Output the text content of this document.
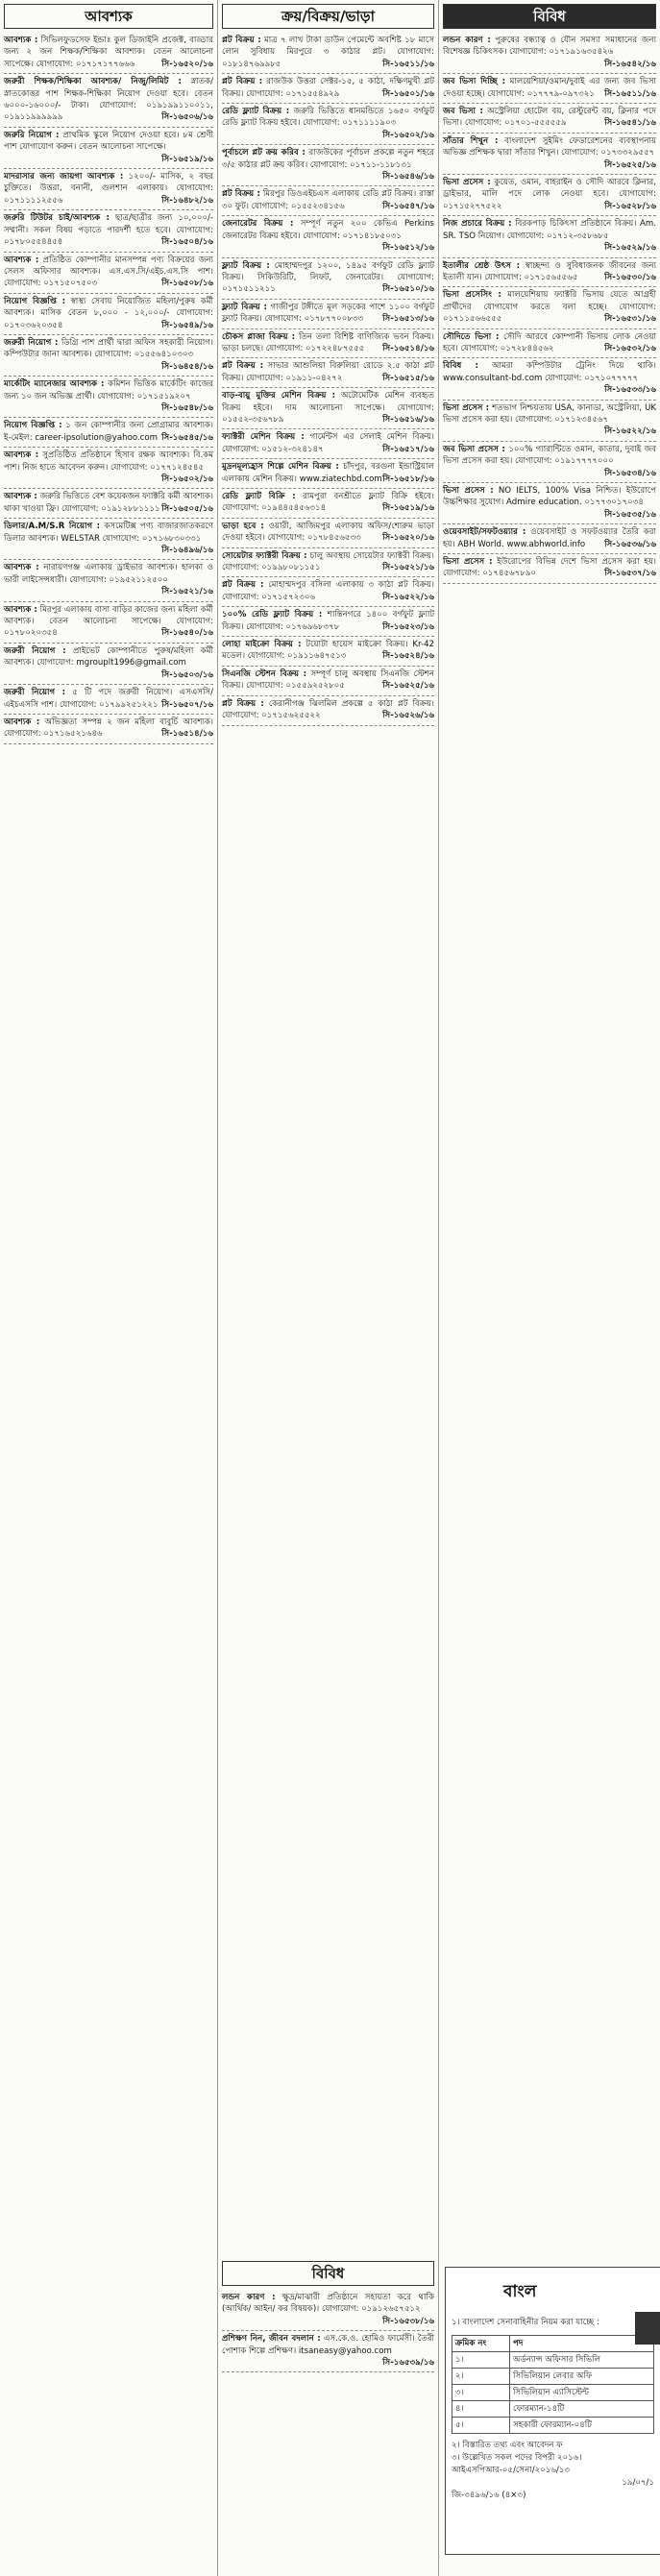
আবশ্যক
আবশ্যক : সিভিলফুডসেফ ইন্ডাঃ কুল ডিজাইনি প্রজেক্ট, বাড্ডার জন্য ২ জন শিক্ষক/শিক্ষিকা আবশ্যক। বেতন আলোচনা সাপেক্ষে। যোগাযোগ: ০১৭১৭১৭৭৬৬৬	সি-১৬৫২০/১৬
জরুরী শিক্ষক/শিক্ষিকা আবশ্যক/ নিজু/লিমিট : স্নাতক/ স্নাতকোত্তর পাশ শিক্ষক-শিক্ষিকা নিয়োগ দেওয়া হবে। বেতন ৬০০০-১৬০০০/- টাকা। যোগাযোগ: ০১৯১৯৯১১০০১১, ০১৯১১৯৯৯৯৯৯	সি-১৬৫০৬/১৬
জরুরি নিয়োগ : প্রাথমিক স্কুলে নিয়োগ দেওয়া হবে। ৮ম শ্রেণী পাশ যোগাযোগ করুন। বেতন আলোচনা সাপেক্ষে।
সি-১৬৫১৯/১৬
মাদরাসার জন্য জায়গা আবশ্যক : ১২০০/- মাসিক, ২ বছর চুক্তিতে। উত্তরা, বনানী, গুলশান এলাকায়। যোগাযোগ: ০১৭১১১১২৫৫৬	সি-১৬৪৮২/১৬
জরুরি টিউটর চাই/আবশ্যক : ছাত্র/ছাত্রীর জন্য ১০,০০০/- সম্মানী। সকল বিষয় পড়াতে পারদর্শী হতে হবে। যোগাযোগ: ০১৭৮০৫৫৪৪৫৪	সি-১৬৫০৪/১৬
আবশ্যক : প্রতিষ্ঠিত কোম্পানীর মানসম্পন্ন পণ্য বিক্রয়ের জন্য সেলস অফিসার আবশ্যক। এস.এস.সি/এইচ.এস.সি পাশ। যোগাযোগ: ০১৭১৫০৭৫০৩	সি-১৬৫০৮/১৬
নিয়োগ বিজ্ঞপ্তি : স্বাস্থ্য সেবায় নিয়োজিত মহিলা/পুরুষ কর্মী আবশ্যক। মাসিক বেতন ৮,০০০ - ১২,০০০/- যোগাযোগ: ০১৭০৩৬২০৩৫৪	সি-১৬৫৪৯/১৬
জরুরী নিয়োগ : ডিগ্রি পাশ প্রার্থী দ্বারা অফিস সহকারী নিয়োগ। কম্পিউটার জানা আবশ্যক। যোগাযোগ: ০১৫৫৬৪১০৩০৩
সি-১৬৪৫৪/১৬
মার্কেটিং ম্যানেজার আবশ্যক : কমিশন ভিত্তিক মার্কেটিং কাজের জন্য ১০ জন অভিজ্ঞ প্রার্থী। যোগাযোগ: ০১৭১৫১৯২০৭
সি-১৬৫৪৮/১৬
নিয়োগ বিজ্ঞপ্তি : ১ জন কোম্পানীর জন্য প্রোগ্রামার আবশ্যক। ই-মেইল: career-ipsolution@yahoo.com সি-১৬৫৪৫/১৬
আবশ্যক : সুপ্রতিষ্ঠিত প্রতিষ্ঠানে হিসাব রক্ষক আবশ্যক। বি.কম পাশ। নিজ হাতে আবেদন করুন। যোগাযোগ: ০১৭৭১২৪৫৪৫
সি-১৬৫০২/১৬
আবশ্যক : জরুরি ভিত্তিতে বেশ কয়েকজন ফ্যাক্টরি কর্মী আবশ্যক। থাকা খাওয়া ফ্রি। যোগাযোগ: ০১৯১২৮৮১১১১ সি-১৬৫০৫/১৬
ডিলার/A.M/S.R নিয়োগ : কসমেটিক্স পণ্য বাজারজাতকরণে ডিলার আবশ্যক। WELSTAR যোগাযোগ: ০১৭১৬৮৩০৩৩১
সি-১৬৪৯৬/১৬
আবশ্যক : নারায়ণগঞ্জ এলাকায় ড্রাইভার আবশ্যক। হালকা ও ভারী লাইসেন্সধারী। যোগাযোগ: ০১৯৫২১১২৫০০
সি-১৬৫২১/১৬
আবশ্যক : মিরপুর এলাকায় বাসা বাড়ির কাজের জন্য মহিলা কর্মী আবশ্যক। বেতন আলোচনা সাপেক্ষে। যোগাযোগ: ০১৭৮০২০৩৫৪	সি-১৬৫৪০/১৬
জরুরী নিয়োগ : প্রাইভেট কোম্পানীতে পুরুষ/মহিলা কর্মী আবশ্যক। যোগাযোগ: mgrouplt1996@gmail.com
সি-১৬৫০৩/১৬
জরুরী নিয়োগ : ৫ টি পদে জরুরী নিয়োগ। এসএসসি/এইচএসসি পাশ। যোগাযোগ: ০১৭৯৯২৫১২২১ সি-১৬৫০৭/১৬
আবশ্যক : অভিজ্ঞতা সম্পন্ন ২ জন মহিলা বাবুর্চি আবশ্যক। যোগাযোগ: ০১৭১৬৫২১৬৪৬	সি-১৬৫১৪/১৬
ক্রয়/বিক্রয়/ভাড়া
প্লট বিক্রয় : মাত্র ৭ লাখ টাকা ডাউন পেমেন্টে অবশিষ্ট ১৮ মাসে লোন সুবিধায় মিরপুরে ৩ কাঠার প্লট। যোগাযোগ: ০১৮১৪৭৬৯৯৮৫	সি-১৬৫১১/১৬
প্লট বিক্রয় : রাজউক উত্তরা সেক্টর-১৫, ৫ কাঠা, দক্ষিণমুখী প্লট বিক্রয়। যোগাযোগ: ০১৭১৫৫৪৯২৯	সি-১৬৫০১/১৬
রেডি ফ্ল্যাট বিক্রয় : জরুরি ভিত্তিতে ধানমন্ডিতে ১৬৫০ বর্গফুট রেডি ফ্ল্যাট বিক্রয় হইবে। যোগাযোগ: ০১৭১১১১৯০৩
সি-১৬৫০২/১৬
পূর্বাচলে প্লট ক্রয় করিব : রাজউকের পূর্বাচল প্রকল্পে নতুন শহরে ৩/৫ কাঠার প্লট ক্রয় করিব। যোগাযোগ: ০১৭১১-১১৮১৩১
সি-১৬৫৪৬/১৬
প্লট বিক্রয় : মিরপুর ডিওএইচএস এলাকায় রেডি প্লট বিক্রয়। রাস্তা ৩০ ফুট। যোগাযোগ: ০১৫৫২৩৪১৫৬	সি-১৬৫৪৭/১৬
জেনারেটর বিক্রয় : সম্পূর্ণ নতুন ২০০ কেভিএ Perkins জেনারেটর বিক্রয় হইবে। যোগাযোগ: ০১৭১৪১৮৫০৩১
সি-১৬৫১২/১৬
ফ্ল্যাট বিক্রয় : মোহাম্মদপুর ১২০০, ১৪৯৫ বর্গফুট রেডি ফ্ল্যাট বিক্রয়। সিকিউরিটি, লিফট, জেনারেটর। যোগাযোগ: ০১৭১৫১১২১১	সি-১৬৫১০/১৬
ফ্ল্যাট বিক্রয় : গাজীপুর টঙ্গীতে মূল সড়কের পাশে ১১০০ বর্গফুট ফ্ল্যাট বিক্রয়। যোগাযোগ: ০১৭৮৭৭০০৮৩৩ সি-১৬৫১৩/১৬
চৌকস প্লাজা বিক্রয় : তিন তলা বিশিষ্ট বাণিজ্যিক ভবন বিক্রয়। ভাড়া চলছে। যোগাযোগ: ০১৭২২৪৮৭৫৫৫ সি-১৬৫১৪/১৬
প্লট বিক্রয় : সাভার আশুলিয়া বিরুলিয়া রোডে ২.৫ কাঠা প্লট বিক্রয়। যোগাযোগ: ০১৯১১-০৪২৭২	সি-১৬৫১৫/১৬
বাড়-বায়ু মুক্তির মেশিন বিক্রয় : অটোমেটিক মেশিন ব্যবহৃত বিক্রয় হইবে। দাম আলোচনা সাপেক্ষে। যোগাযোগ: ০১৫৫২-৩৫৬৭৮৯	সি-১৬৫১৬/১৬
ফ্যাক্টরী মেশিন বিক্রয় : গার্মেন্টস এর সেলাই মেশিন বিক্রয়। যোগাযোগ: ০১৫১২-৩২৪১৪৭	সি-১৬৫১৭/১৬
মুদ্রনমূল্যহ্রাস শিল্পে মেশিন বিক্রয় : চাঁদপুর, বরগুনা ইন্ডাস্ট্রিয়াল এলাকায় মেশিন বিক্রয়। www.ziatechbd.com সি-১৬৫১৮/১৬
রেডি ফ্ল্যাট বিক্রি : রামপুরা বনশ্রীতে ফ্ল্যাট বিক্রি হইবে। যোগাযোগ: ০১৯৪৪৫৪৫৬৩১৪	সি-১৬৫১৯/১৬
ভাড়া হবে : ওয়ারী, আজিমপুর এলাকায় অফিস/শোরুম ভাড়া দেওয়া হইবে। যোগাযোগ: ০১৭৮৪৫৬৫৩৩	সি-১৬৫২০/১৬
সোয়েটার ফ্যাক্টরী বিক্রয় : চালু অবস্থায় সোয়েটার ফ্যাক্টরী বিক্রয়। যোগাযোগ: ০১৯৯৮০৮১১৫১	সি-১৬৫২১/১৬
প্লট বিক্রয় : মোহাম্মদপুর বসিলা এলাকায় ৩ কাঠা প্লট বিক্রয়। যোগাযোগ: ০১৭১৫৭২৩০৬	সি-১৬৫২২/১৬
১০০% রেডি ফ্ল্যাট বিক্রয় : শান্তিনগরে ১৪০০ বর্গফুট ফ্ল্যাট বিক্রয়। যোগাযোগ: ০১৭৬৯৬৮৩৭৮	সি-১৬৫২৩/১৬
লোহা মাইক্রো বিক্রয় : টয়োটা হায়েস মাইক্রো বিক্রয়। Kr-42 মডেল। যোগাযোগ: ০১৯১১৬৪৭৫১৩	সি-১৬৫২৪/১৬
সিএনজি স্টেশন বিক্রয় : সম্পূর্ণ চালু অবস্থায় সিএনজি স্টেশন বিক্রয়। যোগাযোগ: ০১৫৫৯২৫২৮০৫	সি-১৬৫২৫/১৬
প্লট বিক্রয় : কেরানীগঞ্জ ঝিলমিল প্রকল্পে ৫ কাঠা প্লট বিক্রয়। যোগাযোগ: ০১৭১৫৬২৫৫২২	সি-১৬৫২৬/১৬
বিবিধ
লন্ডন কারণ : ক্ষুদ্র/মাঝারী প্রতিষ্ঠানে সহায়তা করে থাকি (আর্থিক/ আইন/ কর বিষয়ক)। যোগাযোগ: ০১৯১২৬৫৭৫১২
সি-১৬৫৩৮/১৬
প্রশিক্ষণ নিন, জীবন বদলান : এস.কে.ও. হোমিও ফার্মেসী। তৈরী পোশাক শিল্পে প্রশিক্ষণ। itsaneasy@yahoo.com
সি-১৬৫৩৯/১৬
বিবিধ
লন্ডন কারণ : পুরুষের বন্ধ্যাত্ব ও যৌন সমস্যা সমাধানের জন্য বিশেষজ্ঞ চিকিৎসক। যোগাযোগ: ০১৭১৯১৬৩৫৪২৬
সি-১৬৫৪২/১৬
জব ভিসা দিচ্ছি : মালয়েশিয়া/ওমান/দুবাই এর জন্য জব ভিসা দেওয়া হচ্ছে। যোগাযোগ: ০১৭৭৭৯-০৯৭৩২১ সি-১৬৫১১/১৬
জব ভিসা : অস্ট্রেলিয়া হোটেল বয়, রেস্টুরেন্ট বয়, ক্লিনার পদে ভিসা। যোগাযোগ: ০১৭০১-৫৫৫৫৫৯	সি-১৬৫৪১/১৬
সাঁতার শিখুন : বাংলাদেশ সুইমিং ফেডারেশনের ব্যবস্থাপনায় অভিজ্ঞ প্রশিক্ষক দ্বারা সাঁতার শিখুন। যোগাযোগ: ০১৭৩৩২৯৫৫৭
সি-১৬৫২৫/১৬
ভিসা প্রসেস : কুয়েত, ওমান, বাহরাইন ও সৌদি আরবে ক্লিনার, ড্রাইভার, মালি পদে লোক নেওয়া হবে। যোগাযোগ: ০১৭১৫২৭৭৫২২	সি-১৬৫২৮/১৬
নিজ প্রচারে বিক্রয় : বিরকপাড় চিকিৎসা প্রতিষ্ঠানে বিক্রয়। Am. SR. TSO নিয়োগ। যোগাযোগ: ০১৭১২-৩৫৮৬৮৫
সি-১৬৫২৯/১৬
ইতালীর শ্রেষ্ঠ উৎস : স্বাচ্ছন্দ্য ও সুবিধাজনক জীবনের জন্য ইতালী যান। যোগাযোগ: ০১৭১৫৬৫৫৬৫	সি-১৬৫৩০/১৬
ভিসা প্রসেসিং : মালয়েশিয়ায় ফ্যাক্টরি ভিসায় যেতে আগ্রহী প্রার্থীদের যোগাযোগ করতে বলা হচ্ছে। যোগাযোগ: ০১৭১১৫৬৬৫৫৫	সি-১৬৫৩১/১৬
সৌদিতে ভিসা : সৌদি আরবে কোম্পানী ভিসায় লোক নেওয়া হবে। যোগাযোগ: ০১৭২৮৪৪৫৬২	সি-১৬৫৩২/১৬
বিবিধ : আমরা কম্পিউটার ট্রেনিং দিয়ে থাকি। www.consultant-bd.com যোগাযোগ: ০১৭১০৭৭৭৭৭
সি-১৬৫৩৩/১৬
ভিসা প্রসেস : শতভাগ নিশ্চয়তায় USA, কানাডা, অস্ট্রেলিয়া, UK ভিসা প্রসেস করা হয়। যোগাযোগ: ০১৭১২৩৪৫৬৭
সি-১৬৫২২/১৬
জব ভিসা প্রসেস : ১০০% গ্যারান্টিতে ওমান, কাতার, দুবাই জব ভিসা প্রসেস করা হয়। যোগাযোগ: ০১৯১৭৭৭৭০০০
সি-১৬৫৩৪/১৬
ভিসা প্রসেস : NO IELTS, 100% Visa নিশ্চিত। ইউরোপে উচ্চশিক্ষার সুযোগ। Admire education. ০১৭৭৩০১৭০৩৪
সি-১৬৫৩৫/১৬
ওয়েবসাইট/সফটওয়্যার : ওয়েবসাইট ও সফটওয়্যার তৈরি করা হয়। ABH World. www.abhworld.info সি-১৬৫৩৬/১৬
ভিসা প্রসেস : ইউরোপের বিভিন্ন দেশে ভিসা প্রসেস করা হয়। যোগাযোগ: ০১৭৪৫৬৭৮৯০	সি-১৬৫৩৭/১৬
বাংল
১। বাংলাদেশ সেনাবাহিনীর নিয়ম করা যাচ্ছে :
ক্রমিক নং	পদ
১।	অর্ডন্যান্স অফিসার সিভিলি
২।	সিভিলিয়ান লেবার অফি
৩।	সিভিলিয়ান এ্যাসিস্টেন্ট
৪।	ফোরম্যান-১৪টি
৫।	সহকারী ফোরম্যান-০৪টি
২। বিস্তারিত তথ্য এবং আবেদন ফ
৩। উল্লেখিত সকল পদের বিপরী ২০১৬।
আইএসপিআর-০৫/সেনা/২০১৬/১৩
১৯/০৭/১
জি-৩৪৯৬/১৬ (৪×৩)
